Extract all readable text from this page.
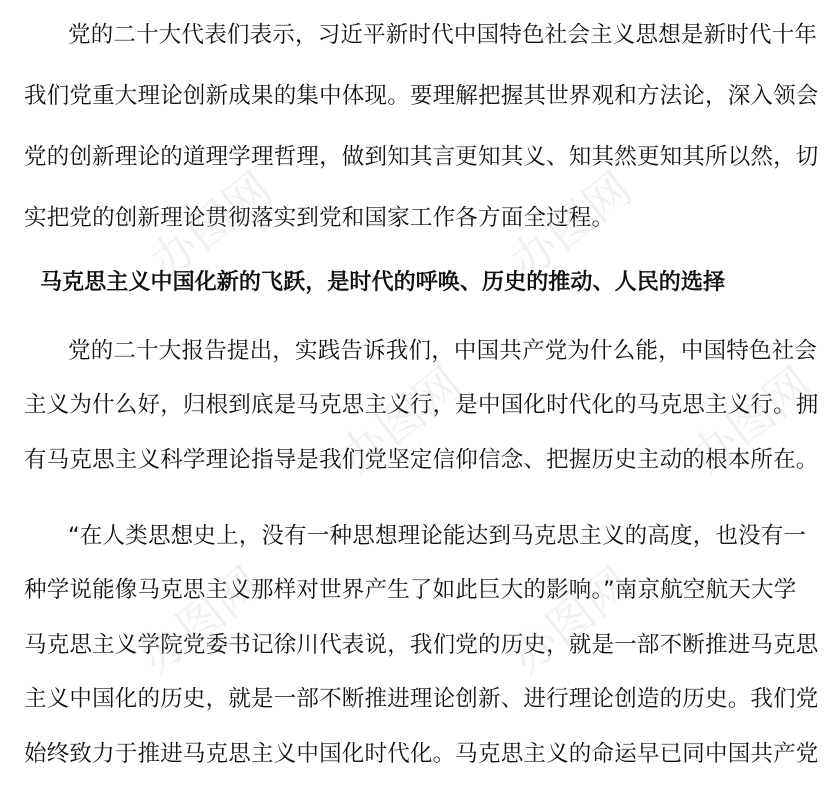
党的二十大代表们表示，习近平新时代中国特色社会主义思想是新时代十年
我们党重大理论创新成果的集中体现。要理解把握其世界观和方法论，深入领会
党的创新理论的道理学理哲理，做到知其言更知其义、知其然更知其所以然，切
实把党的创新理论贯彻落实到党和国家工作各方面全过程。
马克思主义中国化新的飞跃，是时代的呼唤、历史的推动、人民的选择
党的二十大报告提出，实践告诉我们，中国共产党为什么能，中国特色社会
主义为什么好，归根到底是马克思主义行，是中国化时代化的马克思主义行。拥
有马克思主义科学理论指导是我们党坚定信仰信念、把握历史主动的根本所在。
“在人类思想史上，没有一种思想理论能达到马克思主义的高度，也没有一
种学说能像马克思主义那样对世界产生了如此巨大的影响。”南京航空航天大学
马克思主义学院党委书记徐川代表说，我们党的历史，就是一部不断推进马克思
主义中国化的历史，就是一部不断推进理论创新、进行理论创造的历史。我们党
始终致力于推进马克思主义中国化时代化。马克思主义的命运早已同中国共产党
办图网	办图网
办图网	办图网
办图网	办图网
